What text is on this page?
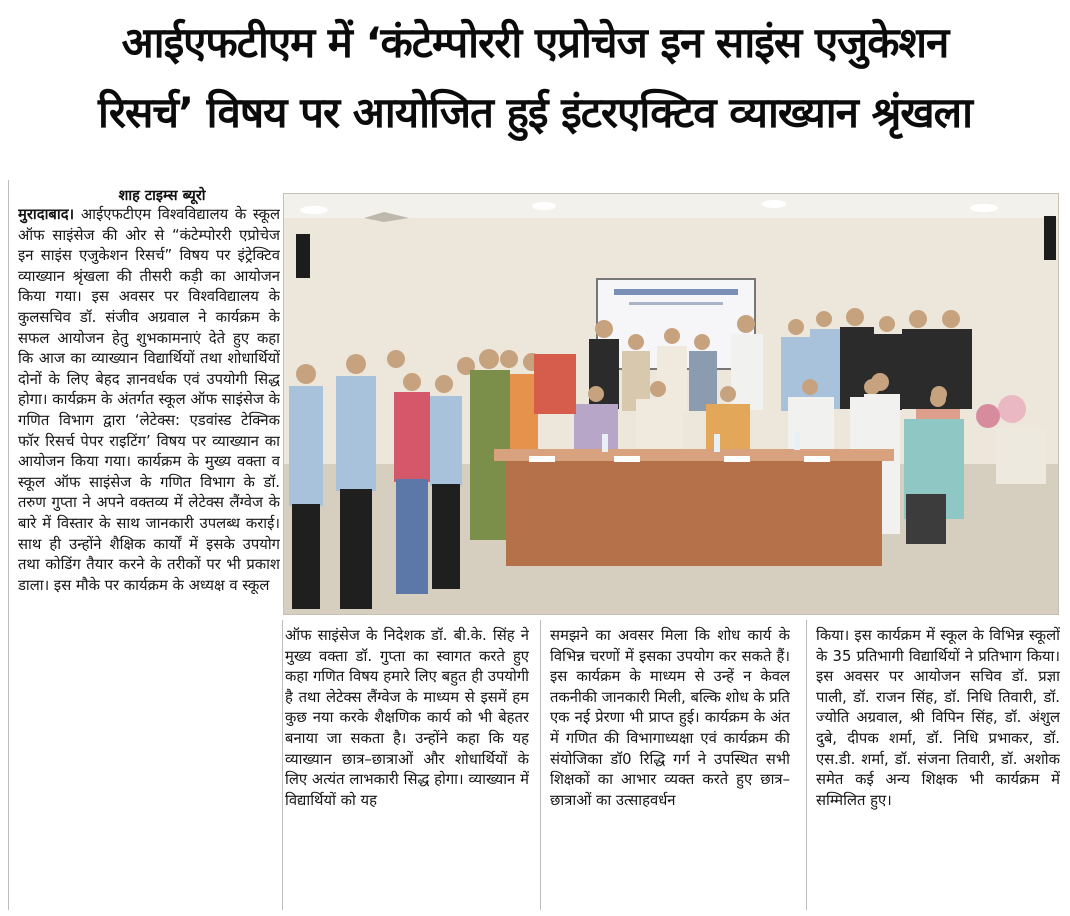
आईएफटीएम में ‘कंटेम्पोररी एप्रोचेज इन साइंस एजुकेशन
रिसर्च’ विषय पर आयोजित हुई इंटरएक्टिव व्याख्यान श्रृंखला
शाह टाइम्स ब्यूरो

मुरादाबाद। आईएफटीएम विश्वविद्यालय के स्कूल ऑफ साइंसेज की ओर से “कंटेम्पोररी एप्रोचेज इन साइंस एजुकेशन रिसर्च” विषय पर इंट्रेक्टिव व्याख्यान श्रृंखला की तीसरी कड़ी का आयोजन किया गया। इस अवसर पर विश्वविद्यालय के कुलसचिव डॉ. संजीव अग्रवाल ने कार्यक्रम के सफल आयोजन हेतु शुभकामनाएं देते हुए कहा कि आज का व्याख्यान विद्यार्थियों तथा शोधार्थियों दोनों के लिए बेहद ज्ञानवर्धक एवं उपयोगी सिद्ध होगा। कार्यक्रम के अंतर्गत स्कूल ऑफ साइंसेज के गणित विभाग द्वारा ‘लेटेक्स: एडवांस्ड टेक्निक फॉर रिसर्च पेपर राइटिंग’ विषय पर व्याख्यान का आयोजन किया गया। कार्यक्रम के मुख्य वक्ता व स्कूल ऑफ साइंसेज के गणित विभाग के डॉ. तरुण गुप्ता ने अपने वक्तव्य में लेटेक्स लैंग्वेज के बारे में विस्तार के साथ जानकारी उपलब्ध कराई। साथ ही उन्होंने शैक्षिक कार्यों में इसके उपयोग तथा कोडिंग तैयार करने के तरीकों पर भी प्रकाश डाला। इस मौके पर कार्यक्रम के अध्यक्ष व स्कूल

ऑफ साइंसेज के निदेशक डॉ. बी.के. सिंह ने मुख्य वक्ता डॉ. गुप्ता का स्वागत करते हुए कहा गणित विषय हमारे लिए बहुत ही उपयोगी है तथा लेटेक्स लैंग्वेज के माध्यम से इसमें हम कुछ नया करके शैक्षणिक कार्य को भी बेहतर बनाया जा सकता है। उन्होंने कहा कि यह व्याख्यान छात्र–छात्राओं और शोधार्थियों के लिए अत्यंत लाभकारी सिद्ध होगा। व्याख्यान में विद्यार्थियों को यह

समझने का अवसर मिला कि शोध कार्य के विभिन्न चरणों में इसका उपयोग कर सकते हैं। इस कार्यक्रम के माध्यम से उन्हें न केवल तकनीकी जानकारी मिली, बल्कि शोध के प्रति एक नई प्रेरणा भी प्राप्त हुई। कार्यक्रम के अंत में गणित की विभागाध्यक्षा एवं कार्यक्रम की संयोजिका डॉ0 रिद्धि गर्ग ने उपस्थित सभी शिक्षकों का आभार व्यक्त करते हुए छात्र–छात्राओं का उत्साहवर्धन

किया। इस कार्यक्रम में स्कूल के विभिन्न स्कूलों के 35 प्रतिभागी विद्यार्थियों ने प्रतिभाग किया। इस अवसर पर आयोजन सचिव डॉ. प्रज्ञा पाली, डॉ. राजन सिंह, डॉ. निधि तिवारी, डॉ. ज्योति अग्रवाल, श्री विपिन सिंह, डॉ. अंशुल दुबे, दीपक शर्मा, डॉ. निधि प्रभाकर, डॉ. एस.डी. शर्मा, डॉ. संजना तिवारी, डॉ. अशोक समेत कई अन्य शिक्षक भी कार्यक्रम में सम्मिलित हुए।
